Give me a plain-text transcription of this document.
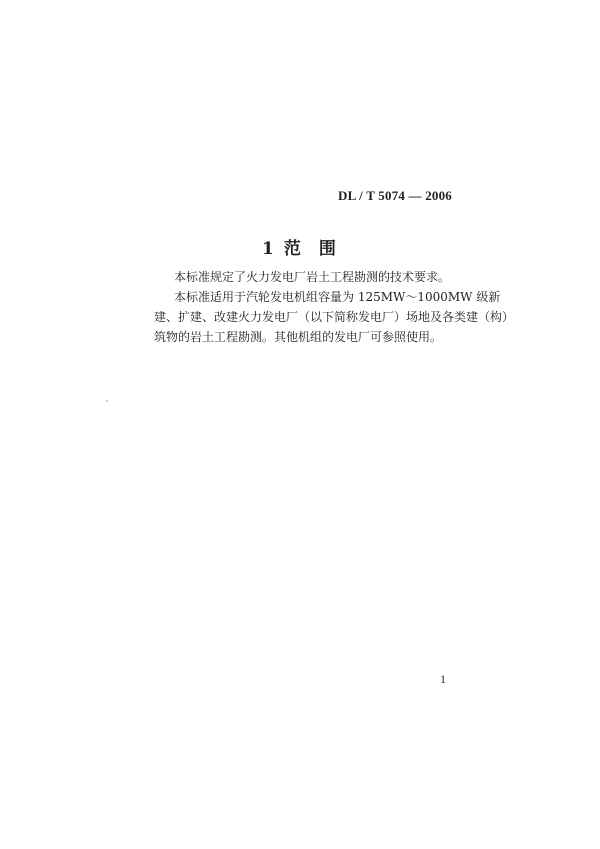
DL / T 5074 — 2006
1 范 围

本标准规定了火力发电厂岩土工程勘测的技术要求。

本标准适用于汽轮发电机组容量为 125MW～1000MW 级新

建、扩建、改建火力发电厂（以下简称发电厂）场地及各类建（构）

筑物的岩土工程勘测。其他机组的发电厂可参照使用。

1
